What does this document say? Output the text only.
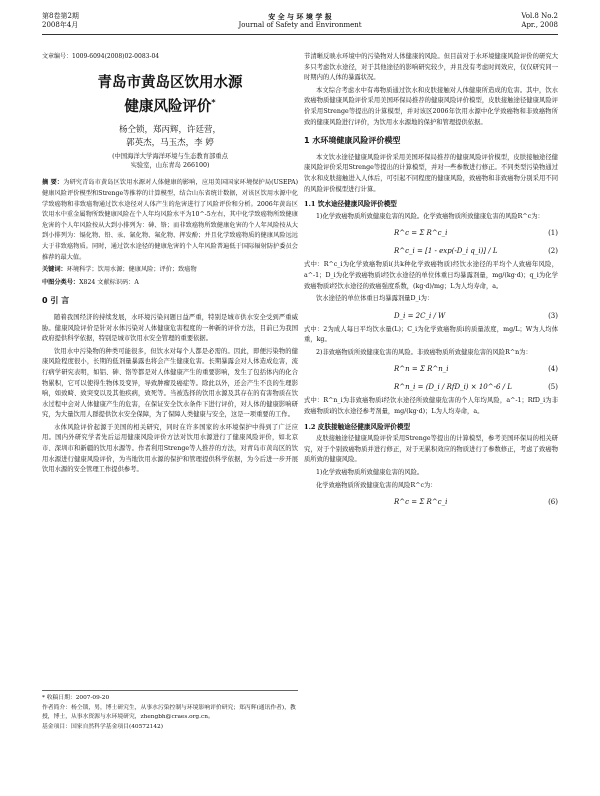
第8卷第2期
2008年4月
安 全 与 环 境 学 报
Journal of Safety and Environment
Vol.8 No.2
Apr., 2008
文章编号：1009-6094(2008)02-0083-04
青岛市黄岛区饮用水源
健康风险评价*
杨仝锁，郑丙辉，许廷营，
郭英杰，马玉杰，李 婷
(中国海洋大学海洋环境与生态教育部重点
实验室，山东青岛 266100)

摘 要：为研究青岛市黄岛区饮用水源对人体健康的影响，应用美国国家环境保护局(USEPA)健康风险评价模型和Strenge等推荐的计算模型，结合山东省统计数据，对该区饮用水源中化学致癌物和非致癌物通过饮水途径对人体产生的危害进行了风险评价和分析。2006年黄岛区饮用水中重金属物所致健康风险在个人年均风险水平为10^-5左右，其中化学致癌物所致健康危害的个人年风险按从大到小排列为：砷、铬；而非致癌物所致健康危害的个人年风险按从大到小排列为：镉化物、铅、汞、氰化物、氟化物、挥发酚；并且化学致癌物质的健康风险远远大于非致癌物质。同时，通过饮水途径的健康危害的个人年风险普遍低于国际辐射防护委员会推荐的最大值。

关键词：环境科学；饮用水源；健康风险；评价；致癌物

中图分类号：X824 文献标识码：A

0 引 言

随着我国经济的持续发展，水环境污染问题日益严重，特别是城市供水安全受到严重威胁。健康风险评价是针对水体污染对人体健康危害程度的一种新的评价方法，目前已为我国政府提供科学依据，特别是城市饮用水安全管理的重要依据。

饮用水中污染物的种类可能很多，但饮水对每个人都是必需的。因此，即便污染物的健康风险程度很小，长期的低剂量暴露也将会产生健康危害。长期暴露会对人体造成危害，流行病学研究表明，如铝、砷、铬等都是对人体健康产生的重要影响，发生了包括体内的化合物累积，它可以使得生物体及变异，导致肿瘤及癌症等。除此以外，还会产生不良的生理影响，如致畸、致突变以及其他疾病，致死等。当被选择的饮用水源及其存在的有害物质在饮水过程中会对人体健康产生的危害，在保证安全饮水条件下进行评价，对人体的健康影响研究，为大量饮用人群提供饮水安全保障，为了保障人类健康与安全，这是一项重要的工作。

水体风险评价起源于美国的相关研究，同时在许多国家的水环境保护中得到了广泛应用。国内外研究学者先后运用健康风险评价方法对饮用水源进行了健康风险评价，如北京市、深圳市和新疆的饮用水源等。作者利用Strenge等人推荐的方法，对青岛市黄岛区的饮用水源进行健康风险评价，为当地饮用水源的保护和管理提供科学依据，为今后进一步开展饮用水源的安全管理工作提供参考。

* 收稿日期：2007-09-20
作者简介：杨仝锁，男，博士研究生，从事水污染控制与环境影响评价研究；郑丙辉(通讯作者)，教授，博士，从事水资源与水环境研究，zhengbh@craes.org.cn。
基金项目：国家自然科学基金项目(40572142)

节清晰反映水环境中的污染物对人体健康的风险。但目前对于水环境健康风险评价的研究大多只考虑饮水途径，对于其他途径的影响研究较少，并且没有考虑时间效应，仅仅研究同一时期内的人体的暴露状况。

本文综合考虑水中有毒物质通过饮水和皮肤接触对人体健康所造成的危害。其中，饮水致癌物质健康风险评价采用美国环保局推荐的健康风险评价模型，皮肤接触途径健康风险评价采用Strenge等提出的计算模型，并对该区2006年饮用水源中化学致癌物和非致癌物所致的健康风险进行评价，为饮用水水源地的保护和管理提供依据。

1 水环境健康风险评价模型

本文饮水途径健康风险评价采用美国环保局推荐的健康风险评价模型，皮肤接触途径健康风险评价采用Strenge等提出的计算模型，并对一些参数进行修正。不同类型污染物通过饮水和皮肤接触进入人体后，可引起不同程度的健康风险，致癌物和非致癌物分别采用不同的风险评价模型进行计算。

1.1 饮水途径健康风险评价模型

1)化学致癌物质所致健康危害的风险。化学致癌物质所致健康危害的风险R^c为：

R^c = Σ R^c_i	(1)
R^c_i = [1 - exp(-D_i q_i)] / L	(2)

式中：R^c_i为化学致癌物质i(共k种化学致癌物质)经饮水途径的平均个人致癌年风险，a^-1；D_i为化学致癌物质i经饮水途径的单位体重日均暴露剂量，mg/(kg·d)；q_i为化学致癌物质i经饮水途径的致癌强度系数，(kg·d)/mg；L为人均寿命，a。

饮水途径的单位体重日均暴露剂量D_i为：

D_i = 2C_i / W	(3)

式中：2为成人每日平均饮水量(L)；C_i为化学致癌物质i的质量浓度，mg/L；W为人均体重，kg。

2)非致癌物质所致健康危害的风险。非致癌物质所致健康危害的风险R^n为：

R^n = Σ R^n_i	(4)
R^n_i = (D_i / RfD_i) × 10^-6 / L	(5)

式中：R^n_i为非致癌物质i经饮水途径所致健康危害的个人年均风险，a^-1；RfD_i为非致癌物质i的饮水途径参考剂量，mg/(kg·d)；L为人均寿命，a。

1.2 皮肤接触途径健康风险评价模型

皮肤接触途径健康风险评价采用Strenge等提出的计算模型，参考美国环保局的相关研究，对于个别致癌物质并进行修正，对于无累积效应的物质进行了参数修正，考虑了致癌物质所致的健康风险。

1)化学致癌物质所致健康危害的风险。

化学致癌物质所致健康危害的风险R^c为：

R^c = Σ R^c_i	(6)
